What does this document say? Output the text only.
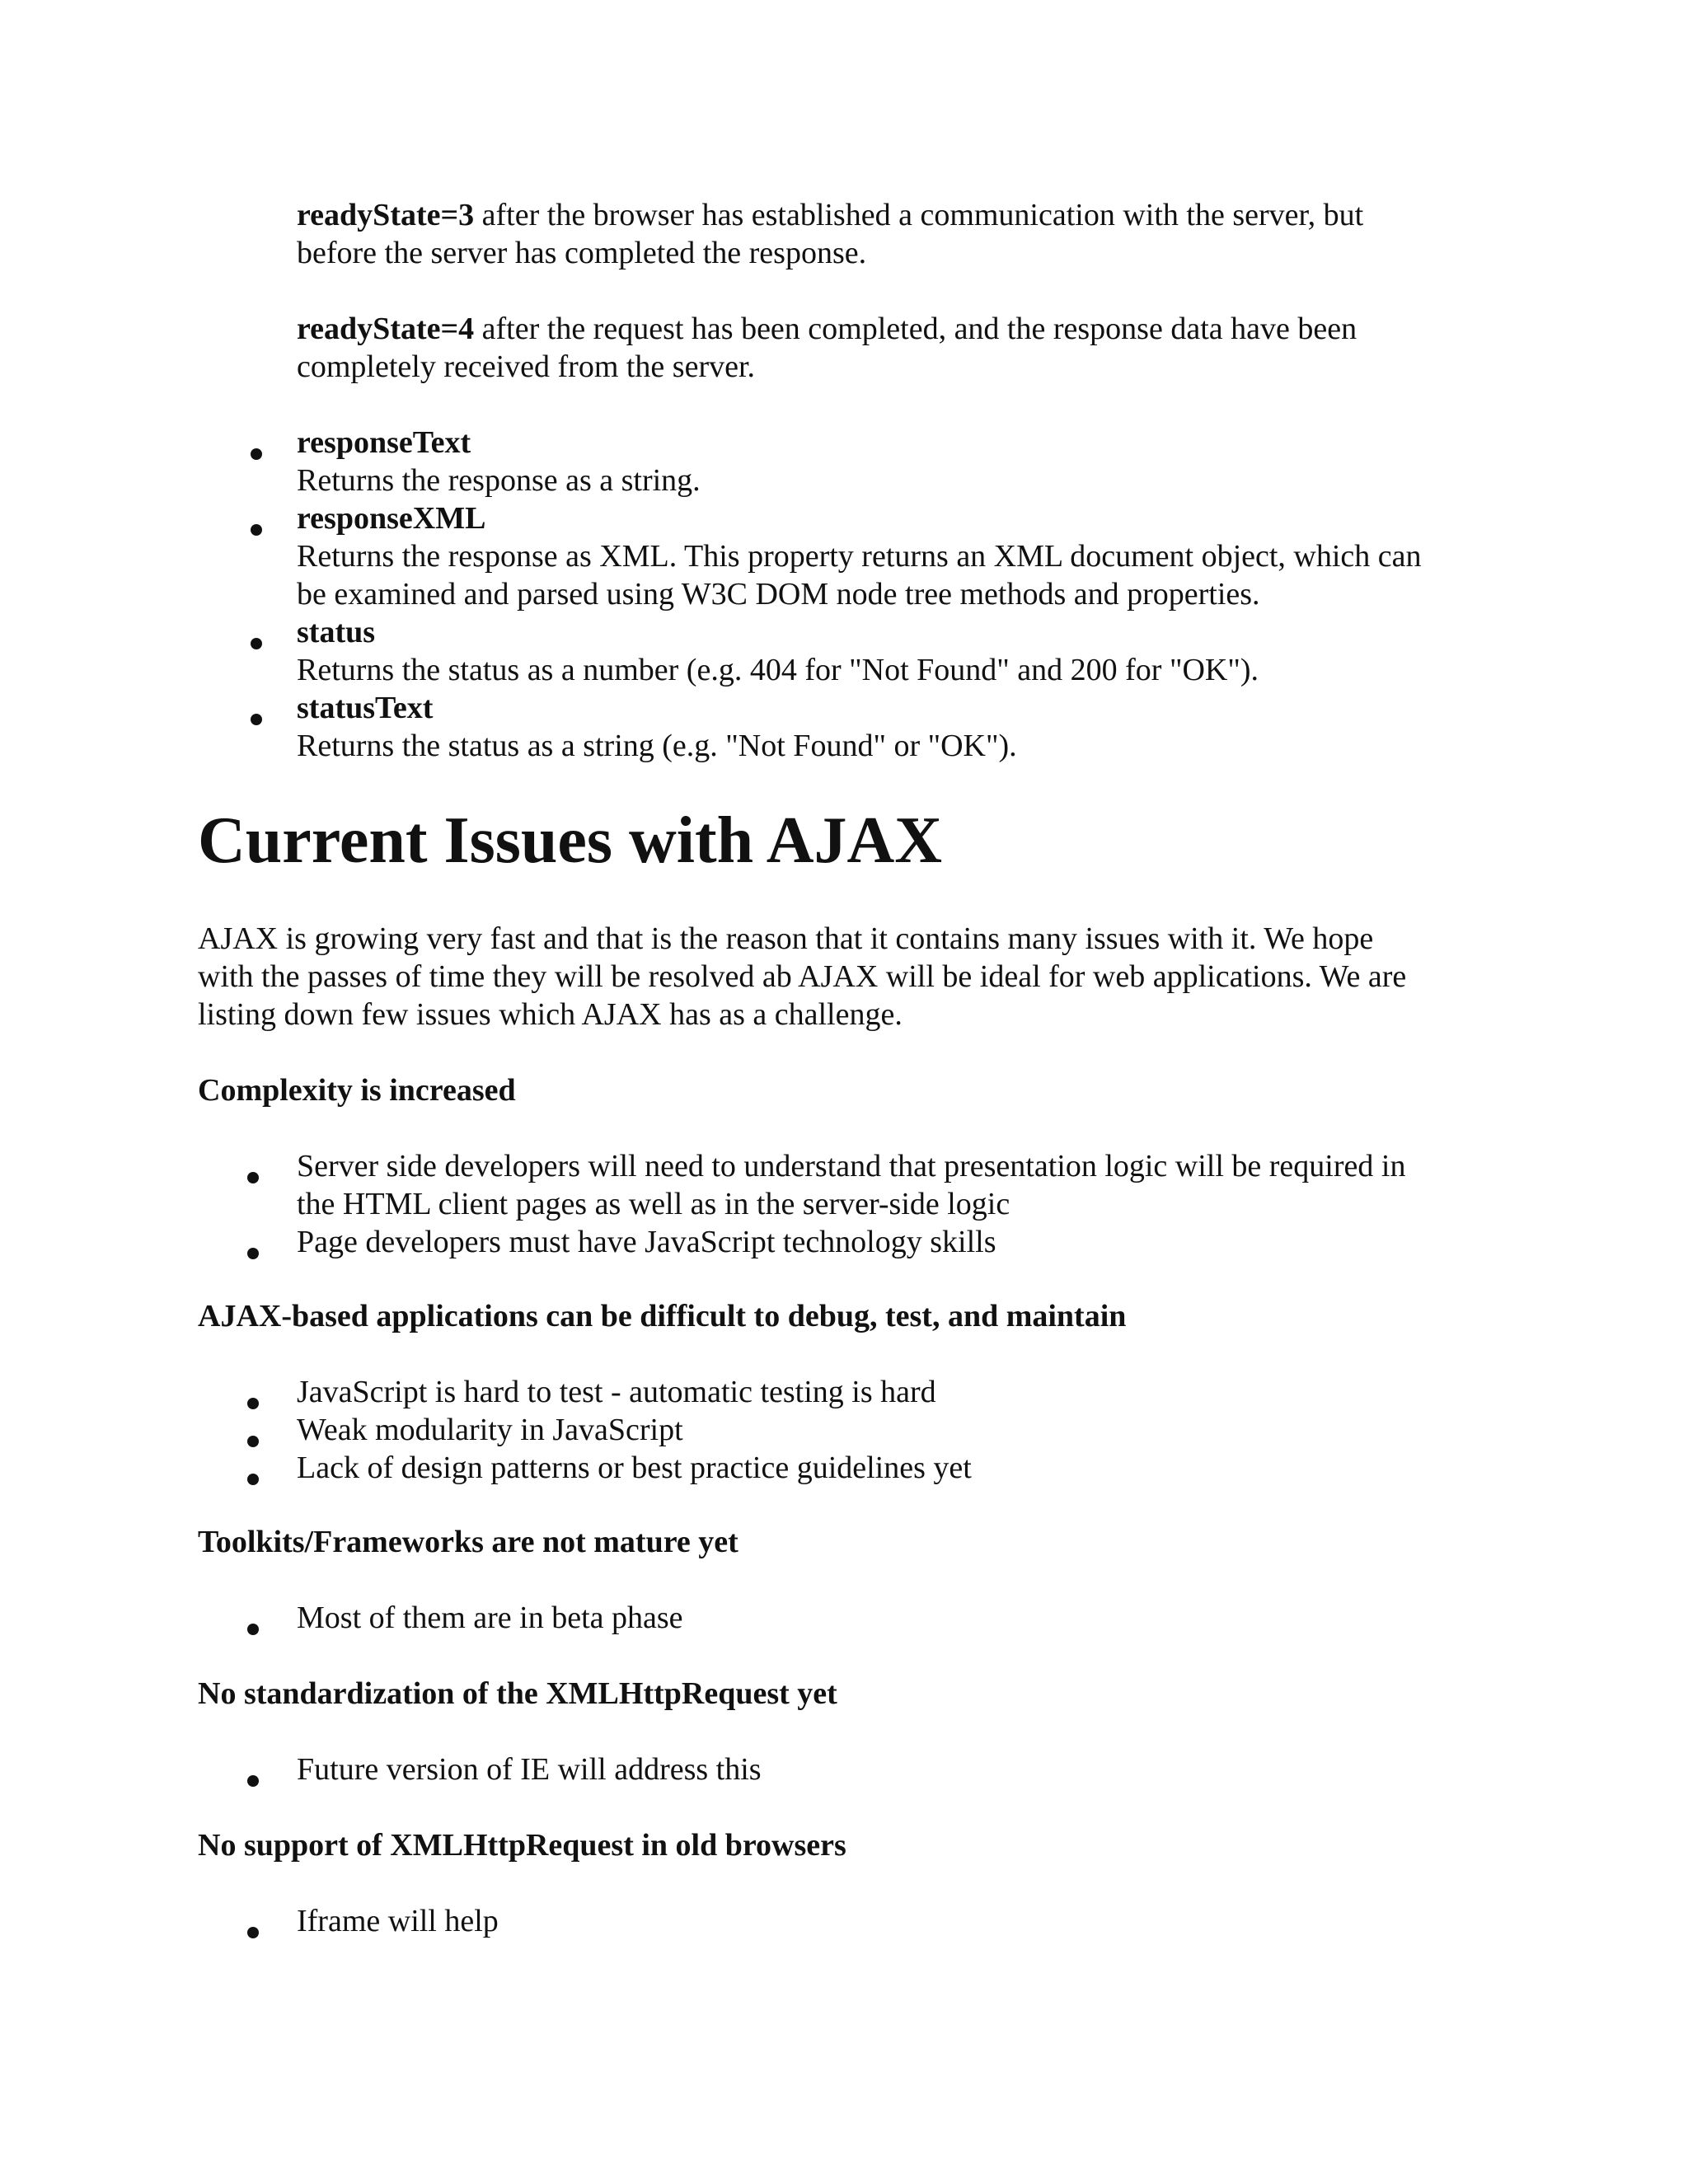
readyState=3 after the browser has established a communication with the server, but
before the server has completed the response.
readyState=4 after the request has been completed, and the response data have been
completely received from the server.
responseText
Returns the response as a string.
responseXML
Returns the response as XML. This property returns an XML document object, which can
be examined and parsed using W3C DOM node tree methods and properties.
status
Returns the status as a number (e.g. 404 for "Not Found" and 200 for "OK").
statusText
Returns the status as a string (e.g. "Not Found" or "OK").
Current Issues with AJAX
AJAX is growing very fast and that is the reason that it contains many issues with it. We hope
with the passes of time they will be resolved ab AJAX will be ideal for web applications. We are
listing down few issues which AJAX has as a challenge.
Complexity is increased
Server side developers will need to understand that presentation logic will be required in
the HTML client pages as well as in the server-side logic
Page developers must have JavaScript technology skills
AJAX-based applications can be difficult to debug, test, and maintain
JavaScript is hard to test - automatic testing is hard
Weak modularity in JavaScript
Lack of design patterns or best practice guidelines yet
Toolkits/Frameworks are not mature yet
Most of them are in beta phase
No standardization of the XMLHttpRequest yet
Future version of IE will address this
No support of XMLHttpRequest in old browsers
Iframe will help
